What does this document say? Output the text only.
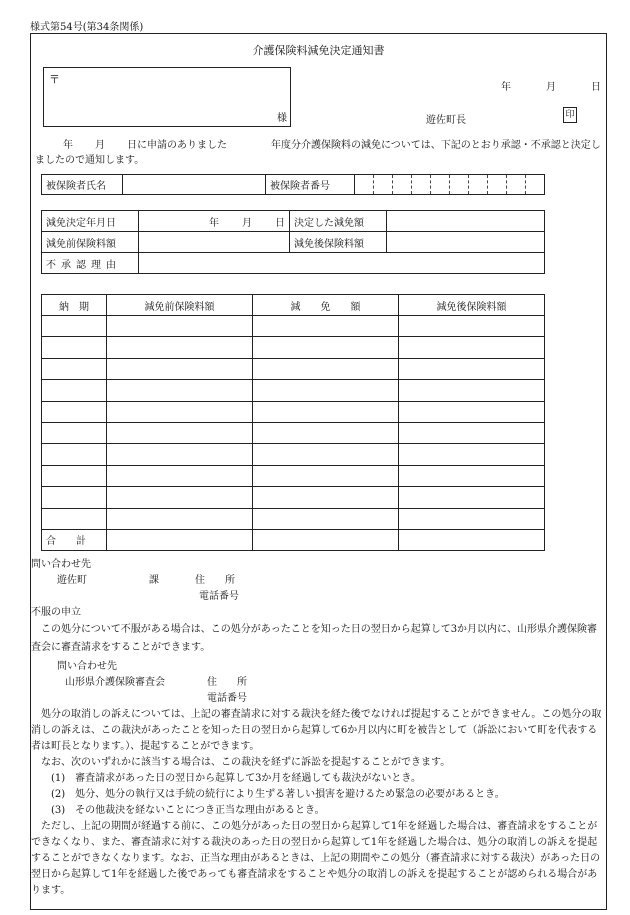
様式第54号(第34条関係)
介護保険料減免決定通知書
〒
様
年	月	日
遊佐町長	印
年 月 日に申請のありました	年度分介護保険料の減免については、下記のとおり承認・不承認と決定しましたので通知します。
被保険者氏名		被保険者番号	
減免決定年月日	年 月 日	決定した減免額	
減免前保険料額		減免後保険料額	
不承認理由			
納　期	減免前保険料額	減　　免　　額	減免後保険料額

合　　計			

問い合わせ先

遊佐町	課	住　　所

電話番号

不服の申立

この処分について不服がある場合は、この処分があったことを知った日の翌日から起算して3か月以内に、山形県介護保険審査会に審査請求をすることができます。

問い合わせ先

山形県介護保険審査会	住　　所

電話番号

処分の取消しの訴えについては、上記の審査請求に対する裁決を経た後でなければ提起することができません。この処分の取消しの訴えは、この裁決があったことを知った日の翌日から起算して6か月以内に町を被告として（訴訟において町を代表する者は町長となります。）、提起することができます。

なお、次のいずれかに該当する場合は、この裁決を経ずに訴訟を提起することができます。

(1)　審査請求があった日の翌日から起算して3か月を経過しても裁決がないとき。

(2)　処分、処分の執行又は手続の続行により生ずる著しい損害を避けるため緊急の必要があるとき。

(3)　その他裁決を経ないことにつき正当な理由があるとき。

ただし、上記の期間が経過する前に、この処分があった日の翌日から起算して1年を経過した場合は、審査請求をすることができなくなり、また、審査請求に対する裁決のあった日の翌日から起算して1年を経過した場合は、処分の取消しの訴えを提起することができなくなります。なお、正当な理由があるときは、上記の期間やこの処分（審査請求に対する裁決）があった日の翌日から起算して1年を経過した後であっても審査請求をすることや処分の取消しの訴えを提起することが認められる場合があります。
